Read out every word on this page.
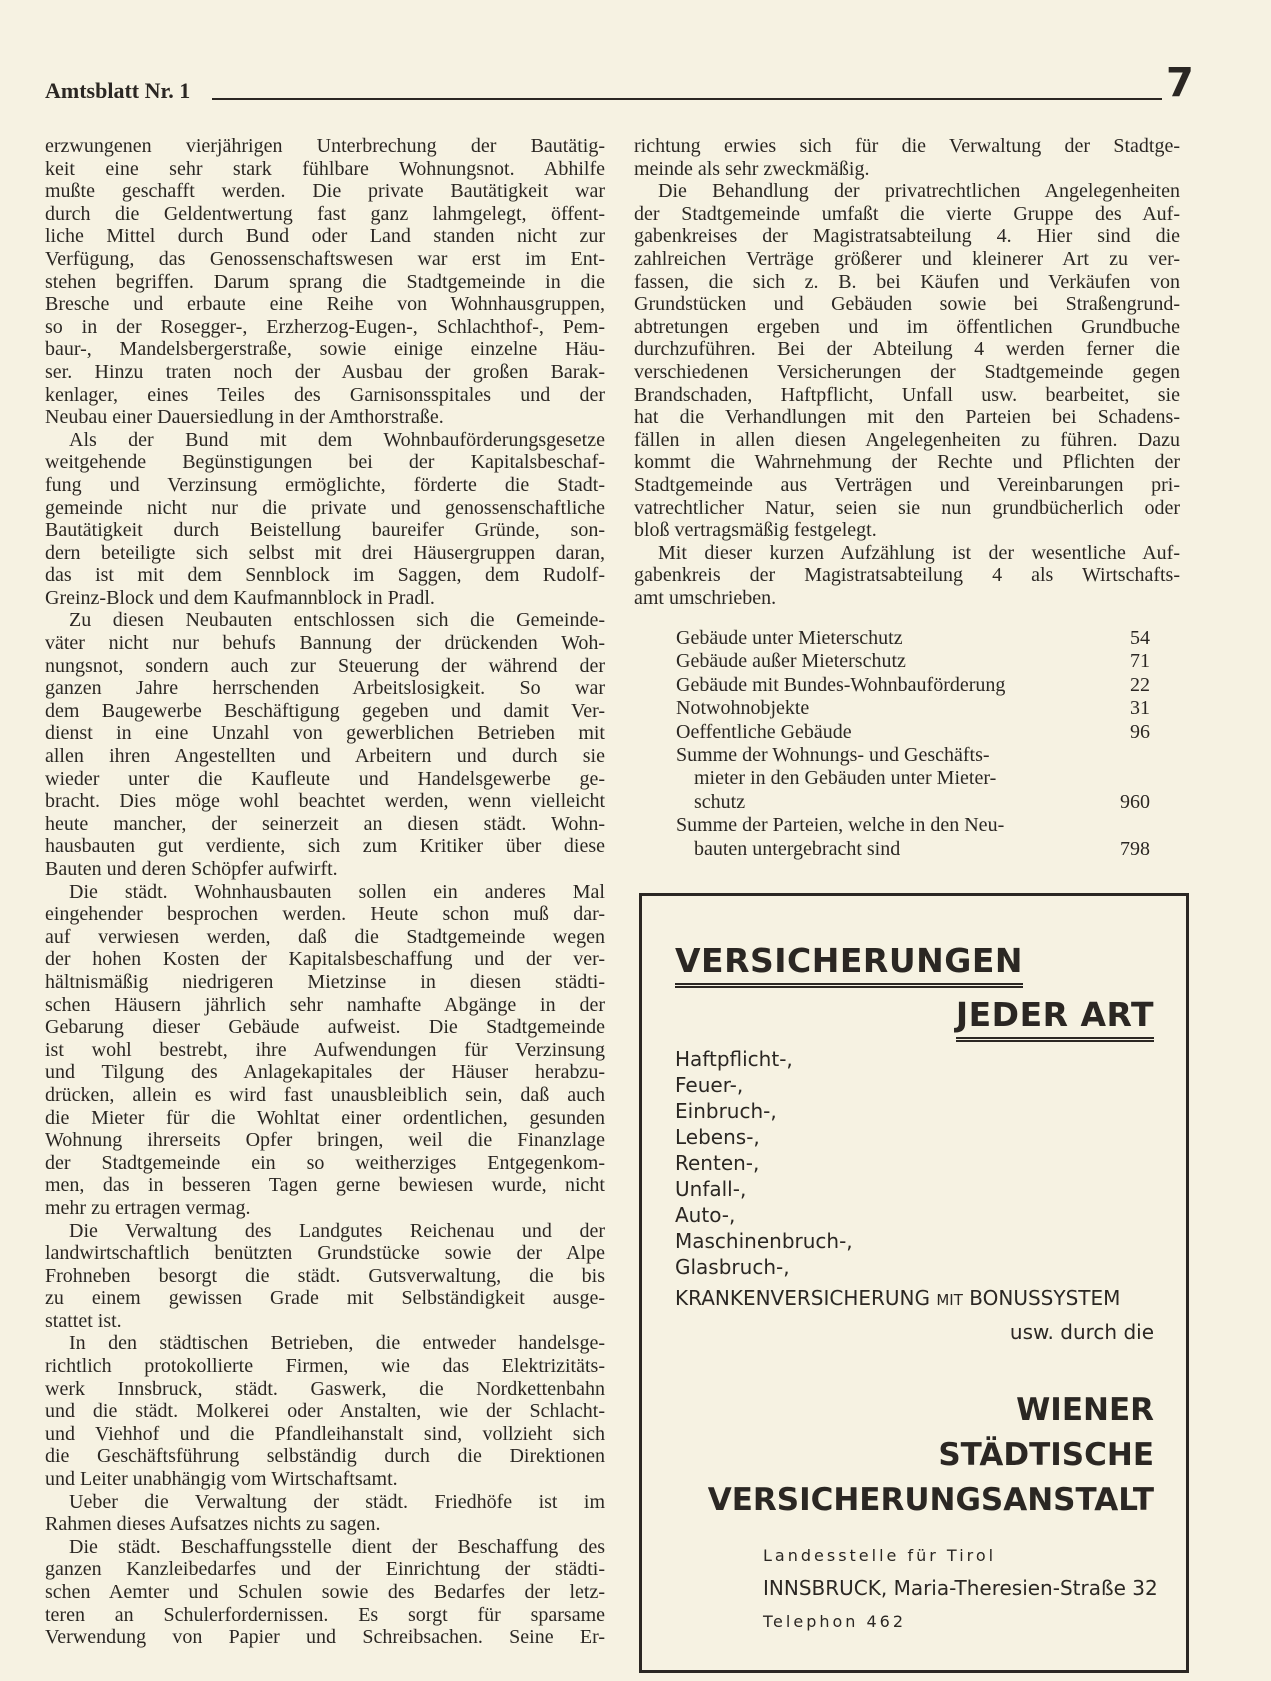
Amtsblatt Nr. 1	7
erzwungenen vierjährigen Unterbrechung der Bautätig-
keit eine sehr stark fühlbare Wohnungsnot. Abhilfe
mußte geschafft werden. Die private Bautätigkeit war
durch die Geldentwertung fast ganz lahmgelegt, öffent-
liche Mittel durch Bund oder Land standen nicht zur
Verfügung, das Genossenschaftswesen war erst im Ent-
stehen begriffen. Darum sprang die Stadtgemeinde in die
Bresche und erbaute eine Reihe von Wohnhausgruppen,
so in der Rosegger-, Erzherzog-Eugen-, Schlachthof-, Pem-
baur-, Mandelsbergerstraße, sowie einige einzelne Häu-
ser. Hinzu traten noch der Ausbau der großen Barak-
kenlager, eines Teiles des Garnisonsspitales und der
Neubau einer Dauersiedlung in der Amthorstraße.
Als der Bund mit dem Wohnbauförderungsgesetze
weitgehende Begünstigungen bei der Kapitalsbeschaf-
fung und Verzinsung ermöglichte, förderte die Stadt-
gemeinde nicht nur die private und genossenschaftliche
Bautätigkeit durch Beistellung baureifer Gründe, son-
dern beteiligte sich selbst mit drei Häusergruppen daran,
das ist mit dem Sennblock im Saggen, dem Rudolf-
Greinz-Block und dem Kaufmannblock in Pradl.
Zu diesen Neubauten entschlossen sich die Gemeinde-
väter nicht nur behufs Bannung der drückenden Woh-
nungsnot, sondern auch zur Steuerung der während der
ganzen Jahre herrschenden Arbeitslosigkeit. So war
dem Baugewerbe Beschäftigung gegeben und damit Ver-
dienst in eine Unzahl von gewerblichen Betrieben mit
allen ihren Angestellten und Arbeitern und durch sie
wieder unter die Kaufleute und Handelsgewerbe ge-
bracht. Dies möge wohl beachtet werden, wenn vielleicht
heute mancher, der seinerzeit an diesen städt. Wohn-
hausbauten gut verdiente, sich zum Kritiker über diese
Bauten und deren Schöpfer aufwirft.
Die städt. Wohnhausbauten sollen ein anderes Mal
eingehender besprochen werden. Heute schon muß dar-
auf verwiesen werden, daß die Stadtgemeinde wegen
der hohen Kosten der Kapitalsbeschaffung und der ver-
hältnismäßig niedrigeren Mietzinse in diesen städti-
schen Häusern jährlich sehr namhafte Abgänge in der
Gebarung dieser Gebäude aufweist. Die Stadtgemeinde
ist wohl bestrebt, ihre Aufwendungen für Verzinsung
und Tilgung des Anlagekapitales der Häuser herabzu-
drücken, allein es wird fast unausbleiblich sein, daß auch
die Mieter für die Wohltat einer ordentlichen, gesunden
Wohnung ihrerseits Opfer bringen, weil die Finanzlage
der Stadtgemeinde ein so weitherziges Entgegenkom-
men, das in besseren Tagen gerne bewiesen wurde, nicht
mehr zu ertragen vermag.
Die Verwaltung des Landgutes Reichenau und der
landwirtschaftlich benützten Grundstücke sowie der Alpe
Frohneben besorgt die städt. Gutsverwaltung, die bis
zu einem gewissen Grade mit Selbständigkeit ausge-
stattet ist.
In den städtischen Betrieben, die entweder handelsge-
richtlich protokollierte Firmen, wie das Elektrizitäts-
werk Innsbruck, städt. Gaswerk, die Nordkettenbahn
und die städt. Molkerei oder Anstalten, wie der Schlacht-
und Viehhof und die Pfandleihanstalt sind, vollzieht sich
die Geschäftsführung selbständig durch die Direktionen
und Leiter unabhängig vom Wirtschaftsamt.
Ueber die Verwaltung der städt. Friedhöfe ist im
Rahmen dieses Aufsatzes nichts zu sagen.
Die städt. Beschaffungsstelle dient der Beschaffung des
ganzen Kanzleibedarfes und der Einrichtung der städti-
schen Aemter und Schulen sowie des Bedarfes der letz-
teren an Schulerfordernissen. Es sorgt für sparsame
Verwendung von Papier und Schreibsachen. Seine Er-
richtung erwies sich für die Verwaltung der Stadtge-
meinde als sehr zweckmäßig.
Die Behandlung der privatrechtlichen Angelegenheiten
der Stadtgemeinde umfaßt die vierte Gruppe des Auf-
gabenkreises der Magistratsabteilung 4. Hier sind die
zahlreichen Verträge größerer und kleinerer Art zu ver-
fassen, die sich z. B. bei Käufen und Verkäufen von
Grundstücken und Gebäuden sowie bei Straßengrund-
abtretungen ergeben und im öffentlichen Grundbuche
durchzuführen. Bei der Abteilung 4 werden ferner die
verschiedenen Versicherungen der Stadtgemeinde gegen
Brandschaden, Haftpflicht, Unfall usw. bearbeitet, sie
hat die Verhandlungen mit den Parteien bei Schadens-
fällen in allen diesen Angelegenheiten zu führen. Dazu
kommt die Wahrnehmung der Rechte und Pflichten der
Stadtgemeinde aus Verträgen und Vereinbarungen pri-
vatrechtlicher Natur, seien sie nun grundbücherlich oder
bloß vertragsmäßig festgelegt.
Mit dieser kurzen Aufzählung ist der wesentliche Auf-
gabenkreis der Magistratsabteilung 4 als Wirtschafts-
amt umschrieben.
Gebäude unter Mieterschutz	54
Gebäude außer Mieterschutz	71
Gebäude mit Bundes-Wohnbauförderung	22
Notwohnobjekte	31
Oeffentliche Gebäude	96
Summe der Wohnungs- und Geschäfts-
mieter in den Gebäuden unter Mieter-
schutz	960
Summe der Parteien, welche in den Neu-
bauten untergebracht sind	798
VERSICHERUNGEN
JEDER ART
Haftpflicht-,
Feuer-,
Einbruch-,
Lebens-,
Renten-,
Unfall-,
Auto-,
Maschinenbruch-,
Glasbruch-,
KRANKENVERSICHERUNG MIT BONUSSYSTEM
usw. durch die
WIENER
STÄDTISCHE
VERSICHERUNGSANSTALT
Landesstelle für Tirol
INNSBRUCK, Maria-Theresien-Straße 32
Telephon 462
